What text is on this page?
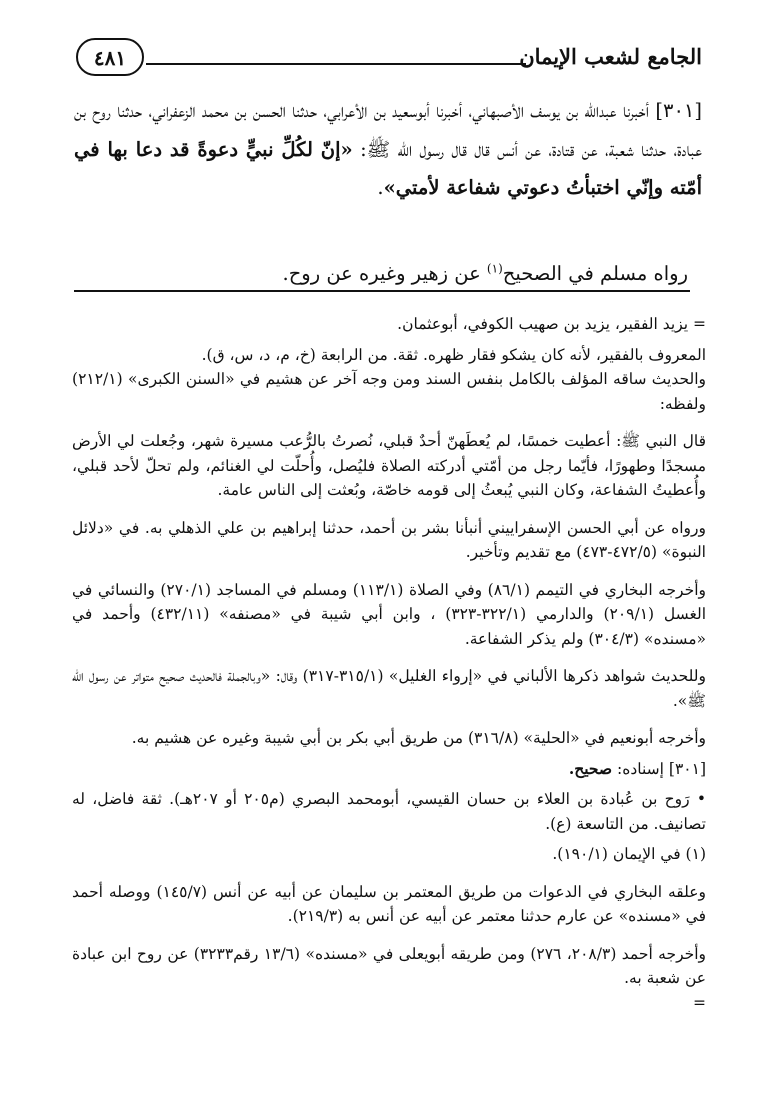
الجامع لشعب الإيمان
٤٨١

[٣٠١] أخبرنا عبدالله بن يوسف الأصبهاني، أخبرنا أبوسعيد بن الأعرابي، حدثنا الحسن بن محمد الزعفراني، حدثنا روح بن عبادة، حدثنا شعبة، عن قتادة، عن أنس قال قال رسول الله ﷺ: «إنّ لكُلِّ نبيٍّ دعوةً قد دعا بها في أمّته وإنّي اختبأتُ دعوتي شفاعة لأمتي».

رواه مسلم في الصحيح$^{(١)}$ عن زهير وغيره عن روح.

= يزيد الفقير، يزيد بن صهيب الكوفي، أبوعثمان.

المعروف بالفقير، لأنه كان يشكو فقار ظهره. ثقة. من الرابعة (خ، م، د، س، ق).

والحديث ساقه المؤلف بالكامل بنفس السند ومن وجه آخر عن هشيم في «السنن الكبرى» (٢١٢/١) ولفظه:

قال النبي ﷺ: أعطيت خمسًا، لم يُعطَهنّ أحدٌ قبلي، نُصرتُ بالرُّعب مسيرة شهر، وجُعلت لي الأرض مسجدًا وطهورًا، فأيّما رجل من أمّتي أدركته الصلاة فليُصل، وأُحلّت لي الغنائم، ولم تحلّ لأحد قبلي، وأُعطيتُ الشفاعة، وكان النبي يُبعثُ إلى قومه خاصّة، وبُعثت إلى الناس عامة.

ورواه عن أبي الحسن الإسفراييني أنبأنا بشر بن أحمد، حدثنا إبراهيم بن علي الذهلي به. في «دلائل النبوة» (٤٧٢/٥-٤٧٣) مع تقديم وتأخير.

وأخرجه البخاري في التيمم (٨٦/١) وفي الصلاة (١١٣/١) ومسلم في المساجد (٢٧٠/١) والنسائي في الغسل (٢٠٩/١) والدارمي (٣٢٢/١-٣٢٣) ، وابن أبي شيبة في «مصنفه» (٤٣٢/١١) وأحمد في «مسنده» (٣٠٤/٣) ولم يذكر الشفاعة.

وللحديث شواهد ذكرها الألباني في «إرواء الغليل» (٣١٥/١-٣١٧) وقال: «وبالجملة فالحديث صحيح متواتر عن رسول الله ﷺ».

وأخرجه أبونعيم في «الحلية» (٣١٦/٨) من طريق أبي بكر بن أبي شيبة وغيره عن هشيم به.

[٣٠١] إسناده: صحيح.

• رَوح بن عُبادة بن العلاء بن حسان القيسي، أبومحمد البصري (م٢٠٥ أو ٢٠٧هـ). ثقة فاضل، له تصانيف. من التاسعة (ع).

(١) في الإيمان (١٩٠/١).

وعلقه البخاري في الدعوات من طريق المعتمر بن سليمان عن أبيه عن أنس (١٤٥/٧) ووصله أحمد في «مسنده» عن عارم حدثنا معتمر عن أبيه عن أنس به (٢١٩/٣).

وأخرجه أحمد (٢٠٨/٣، ٢٧٦) ومن طريقه أبويعلى في «مسنده» (١٣/٦ رقم٣٢٣٣) عن روح ابن عبادة عن شعبة به.

=
